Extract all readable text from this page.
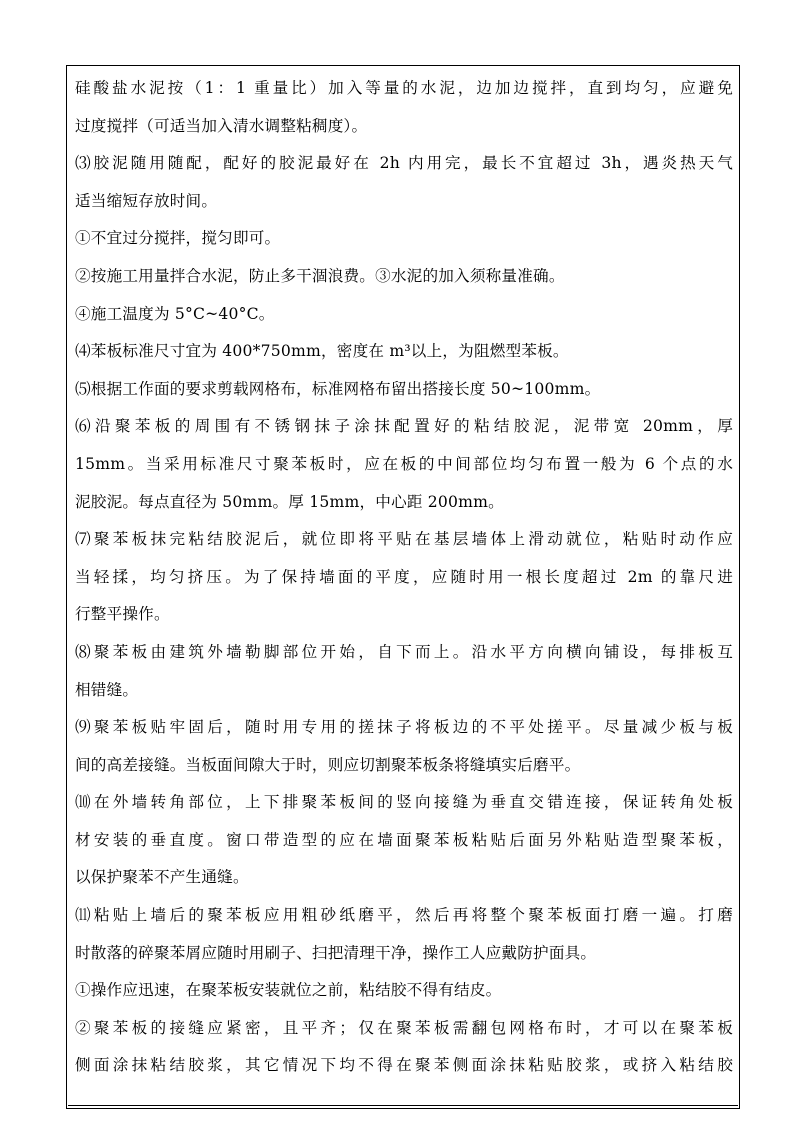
硅酸盐水泥按（1：1 重量比）加入等量的水泥，边加边搅拌，直到均匀，应避免
过度搅拌（可适当加入清水调整粘稠度）。
⑶胶泥随用随配，配好的胶泥最好在 2h 内用完，最长不宜超过 3h，遇炎热天气
适当缩短存放时间。
①不宜过分搅拌，搅匀即可。
②按施工用量拌合水泥，防止多干涸浪费。③水泥的加入须称量准确。
④施工温度为 5°C~40°C。
⑷苯板标准尺寸宜为 400*750mm，密度在 m³以上，为阻燃型苯板。
⑸根据工作面的要求剪载网格布，标准网格布留出搭接长度 50~100mm。
⑹沿聚苯板的周围有不锈钢抹子涂抹配置好的粘结胶泥，泥带宽 20mm，厚
15mm。当采用标准尺寸聚苯板时，应在板的中间部位均匀布置一般为 6 个点的水
泥胶泥。每点直径为 50mm。厚 15mm，中心距 200mm。
⑺聚苯板抹完粘结胶泥后，就位即将平贴在基层墙体上滑动就位，粘贴时动作应
当轻揉，均匀挤压。为了保持墙面的平度，应随时用一根长度超过 2m 的靠尺进
行整平操作。
⑻聚苯板由建筑外墙勒脚部位开始，自下而上。沿水平方向横向铺设，每排板互
相错缝。
⑼聚苯板贴牢固后，随时用专用的搓抹子将板边的不平处搓平。尽量减少板与板
间的高差接缝。当板面间隙大于时，则应切割聚苯板条将缝填实后磨平。
⑽在外墙转角部位，上下排聚苯板间的竖向接缝为垂直交错连接，保证转角处板
材安装的垂直度。窗口带造型的应在墙面聚苯板粘贴后面另外粘贴造型聚苯板，
以保护聚苯不产生通缝。
⑾粘贴上墙后的聚苯板应用粗砂纸磨平，然后再将整个聚苯板面打磨一遍。打磨
时散落的碎聚苯屑应随时用刷子、扫把清理干净，操作工人应戴防护面具。
①操作应迅速，在聚苯板安装就位之前，粘结胶不得有结皮。
②聚苯板的接缝应紧密，且平齐；仅在聚苯板需翻包网格布时，才可以在聚苯板
侧面涂抹粘结胶浆，其它情况下均不得在聚苯侧面涂抹粘贴胶浆，或挤入粘结胶
